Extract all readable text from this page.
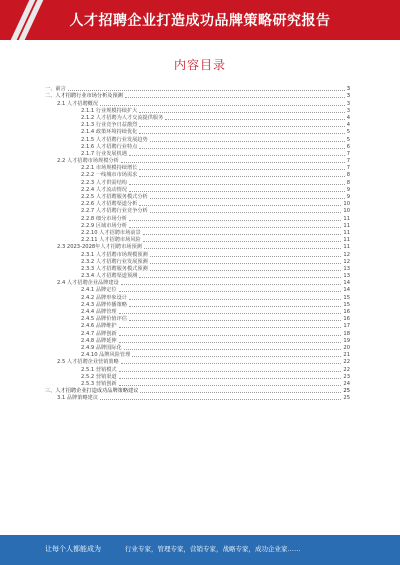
人才招聘企业打造成功品牌策略研究报告
内容目录
一、前言	3
二、人才招聘行业市场分析及预测	3
2.1 人才招聘概况	3
2.1.1 行业规模持续扩大	3
2.1.2 人才招聘为人才交流提供服务	4
2.1.3 行业竞争日益激烈	4
2.1.4 政策环境持续优化	5
2.1.5 人才招聘行业发展趋势	5
2.1.6 人才招聘行业特点	6
2.1.7 行业发展机遇	7
2.2 人才招聘市场规模分析	7
2.2.1 市场规模持续增长	7
2.2.2 一线城市市场需求	8
2.2.3 人才供需结构	8
2.2.4 人才流动情况	9
2.2.5 人才招聘服务模式分析	9
2.2.6 人才招聘渠道分析	10
2.2.7 人才招聘行业竞争分析	10
2.2.8 细分市场分析	11
2.2.9 区域市场分析	11
2.2.10 人才招聘市场前景	11
2.2.11 人才招聘市场风险	11
2.3 2023-2028年人才招聘市场预测	11
2.3.1 人才招聘市场规模预测	12
2.3.2 人才招聘行业发展预测	12
2.3.3 人才招聘服务模式预测	13
2.3.4 人才招聘渠道预测	13
2.4 人才招聘企业品牌建设	14
2.4.1 品牌定位	14
2.4.2 品牌形象设计	15
2.4.3 品牌传播策略	15
2.4.4 品牌管理	16
2.4.5 品牌价值评估	16
2.4.6 品牌维护	17
2.4.7 品牌创新	18
2.4.8 品牌延伸	19
2.4.9 品牌国际化	20
2.4.10 品牌风险管理	21
2.5 人才招聘企业营销策略	22
2.5.1 营销模式	22
2.5.2 营销渠道	23
2.5.3 营销创新	24
三、人才招聘企业打造成功品牌策略建议	25
3.1 品牌策略建议	25
让每个人都能成为	行业专家，管理专家，营销专家，战略专家，成功企业家……
